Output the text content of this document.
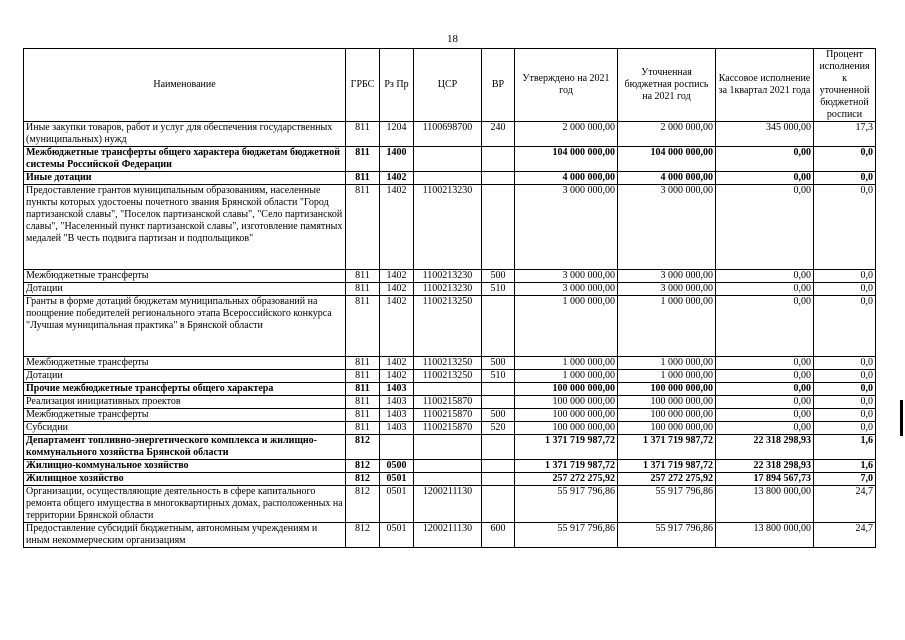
18
Наименование	ГРБС	Рз Пр	ЦСР	ВР	Утверждено на 2021 год	Уточненная бюджетная роспись на 2021 год	Кассовое исполнение за 1квартал 2021 года	Процент исполнения к уточненной бюджетной росписи
Иные закупки товаров, работ и услуг для обеспечения государственных (муниципальных) нужд	811	1204	1100698700	240	2 000 000,00	2 000 000,00	345 000,00	17,3
Межбюджетные трансферты общего характера бюджетам бюджетной системы Российской Федерации	811	1400			104 000 000,00	104 000 000,00	0,00	0,0
Иные дотации	811	1402			4 000 000,00	4 000 000,00	0,00	0,0
Предоставление грантов муниципальным образованиям, населенные пункты которых удостоены почетного звания Брянской области "Город партизанской славы", "Поселок партизанской славы", "Село партизанской славы", "Населенный пункт партизанской славы", изготовление памятных медалей "В честь подвига партизан и подпольщиков"	811	1402	1100213230		3 000 000,00	3 000 000,00	0,00	0,0
Межбюджетные трансферты	811	1402	1100213230	500	3 000 000,00	3 000 000,00	0,00	0,0
Дотации	811	1402	1100213230	510	3 000 000,00	3 000 000,00	0,00	0,0
Гранты в форме дотаций бюджетам муниципальных образований на поощрение победителей регионального этапа Всероссийского конкурса "Лучшая муниципальная практика" в Брянской области	811	1402	1100213250		1 000 000,00	1 000 000,00	0,00	0,0
Межбюджетные трансферты	811	1402	1100213250	500	1 000 000,00	1 000 000,00	0,00	0,0
Дотации	811	1402	1100213250	510	1 000 000,00	1 000 000,00	0,00	0,0
Прочие межбюджетные трансферты общего характера	811	1403			100 000 000,00	100 000 000,00	0,00	0,0
Реализация инициативных проектов	811	1403	1100215870		100 000 000,00	100 000 000,00	0,00	0,0
Межбюджетные трансферты	811	1403	1100215870	500	100 000 000,00	100 000 000,00	0,00	0,0
Субсидии	811	1403	1100215870	520	100 000 000,00	100 000 000,00	0,00	0,0
Департамент топливно-энергетического комплекса и жилищно-коммунального хозяйства Брянской области	812				1 371 719 987,72	1 371 719 987,72	22 318 298,93	1,6
Жилищно-коммунальное хозяйство	812	0500			1 371 719 987,72	1 371 719 987,72	22 318 298,93	1,6
Жилищное хозяйство	812	0501			257 272 275,92	257 272 275,92	17 894 567,73	7,0
Организации, осуществляющие деятельность в сфере капитального ремонта общего имущества в многоквартирных домах, расположенных на территории Брянской области	812	0501	1200211130		55 917 796,86	55 917 796,86	13 800 000,00	24,7
Предоставление субсидий бюджетным, автономным учреждениям и иным некоммерческим организациям	812	0501	1200211130	600	55 917 796,86	55 917 796,86	13 800 000,00	24,7
